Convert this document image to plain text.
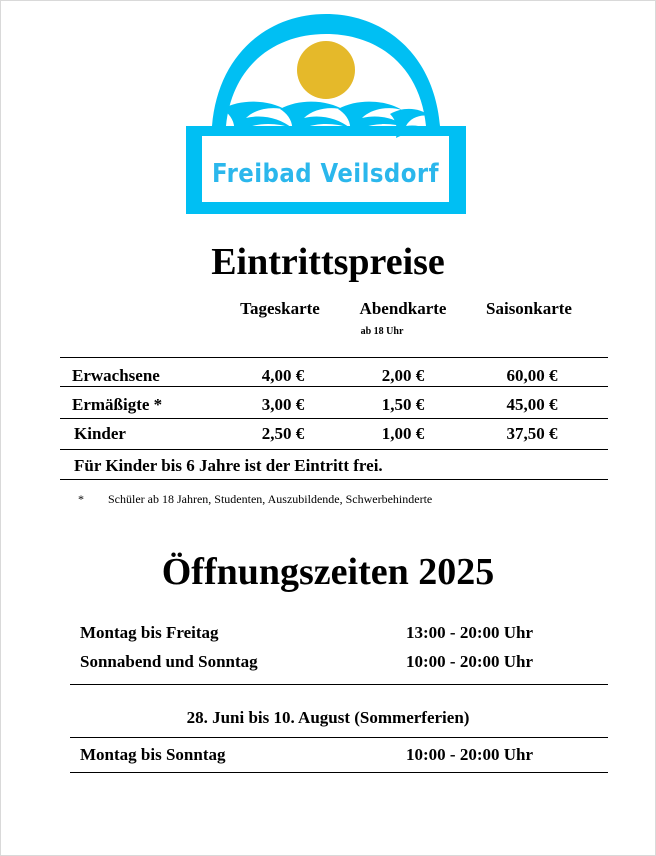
Freibad Veilsdorf
Eintrittspreise
Tageskarte	Abendkarte	Saisonkarte
ab 18 Uhr
Erwachsene	4,00 €	2,00 €	60,00 €
Ermäßigte *	3,00 €	1,50 €	45,00 €
Kinder	2,50 €	1,00 €	37,50 €
Für Kinder bis 6 Jahre ist der Eintritt frei.
* Schüler ab 18 Jahren, Studenten, Auszubildende, Schwerbehinderte
Öffnungszeiten 2025
Montag bis Freitag	13:00 - 20:00 Uhr
Sonnabend und Sonntag	10:00 - 20:00 Uhr
28. Juni bis 10. August (Sommerferien)
Montag bis Sonntag	10:00 - 20:00 Uhr
